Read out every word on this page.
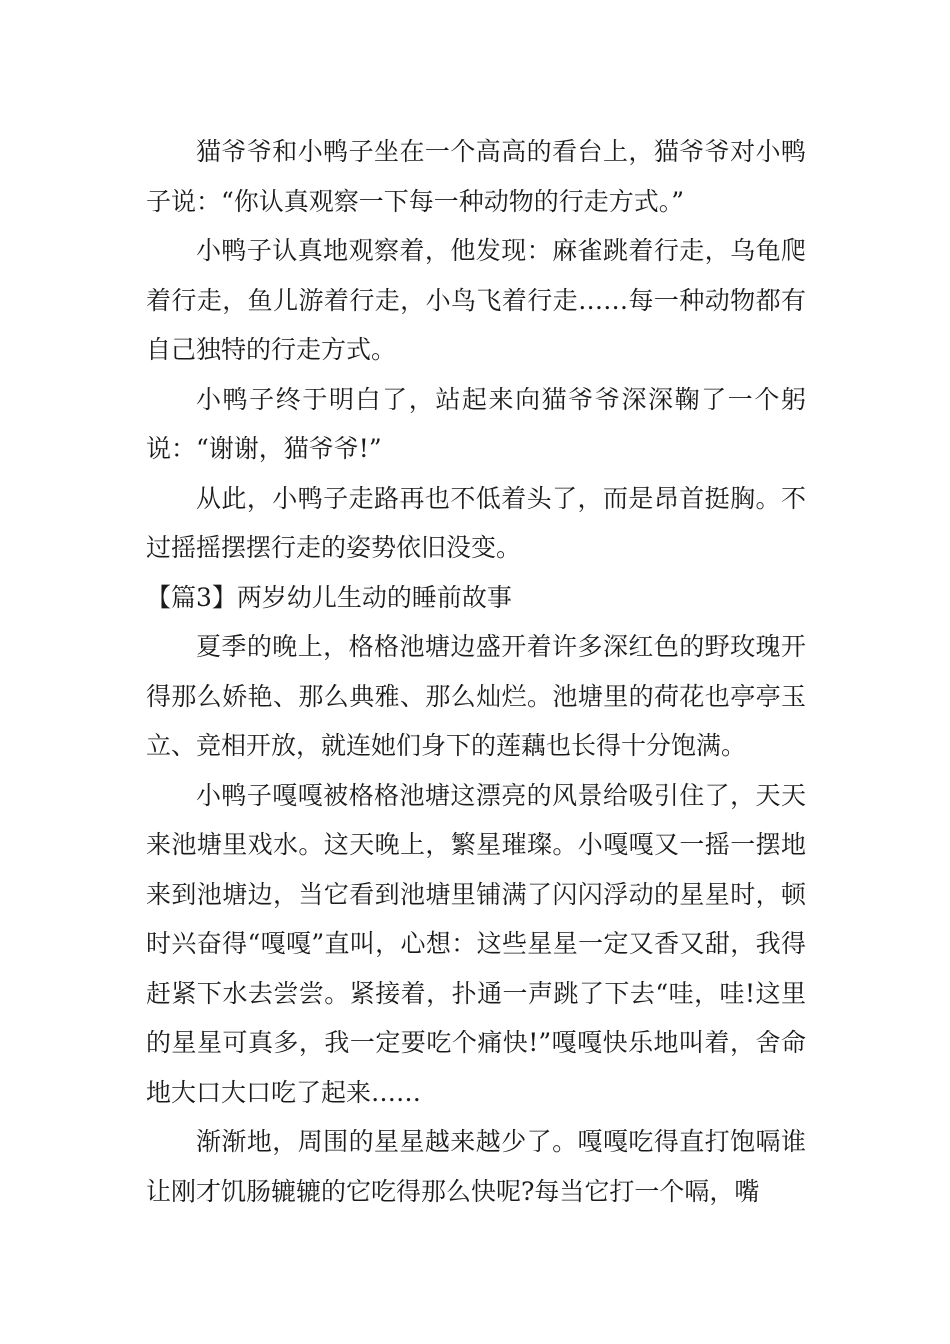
猫爷爷和小鸭子坐在一个高高的看台上，猫爷爷对小鸭子说：“你认真观察一下每一种动物的行走方式。”

小鸭子认真地观察着，他发现：麻雀跳着行走，乌龟爬着行走，鱼儿游着行走，小鸟飞着行走……每一种动物都有自己独特的行走方式。

小鸭子终于明白了，站起来向猫爷爷深深鞠了一个躬说：“谢谢，猫爷爷!”

从此，小鸭子走路再也不低着头了，而是昂首挺胸。不过摇摇摆摆行走的姿势依旧没变。

【篇3】两岁幼儿生动的睡前故事

夏季的晚上，格格池塘边盛开着许多深红色的野玫瑰开得那么娇艳、那么典雅、那么灿烂。池塘里的荷花也亭亭玉立、竞相开放，就连她们身下的莲藕也长得十分饱满。

小鸭子嘎嘎被格格池塘这漂亮的风景给吸引住了，天天来池塘里戏水。这天晚上，繁星璀璨。小嘎嘎又一摇一摆地来到池塘边，当它看到池塘里铺满了闪闪浮动的星星时，顿时兴奋得“嘎嘎”直叫，心想：这些星星一定又香又甜，我得赶紧下水去尝尝。紧接着，扑通一声跳了下去“哇，哇!这里的星星可真多，我一定要吃个痛快!”嘎嘎快乐地叫着，舍命地大口大口吃了起来……

渐渐地，周围的星星越来越少了。嘎嘎吃得直打饱嗝谁让刚才饥肠辘辘的它吃得那么快呢?每当它打一个嗝，嘴
